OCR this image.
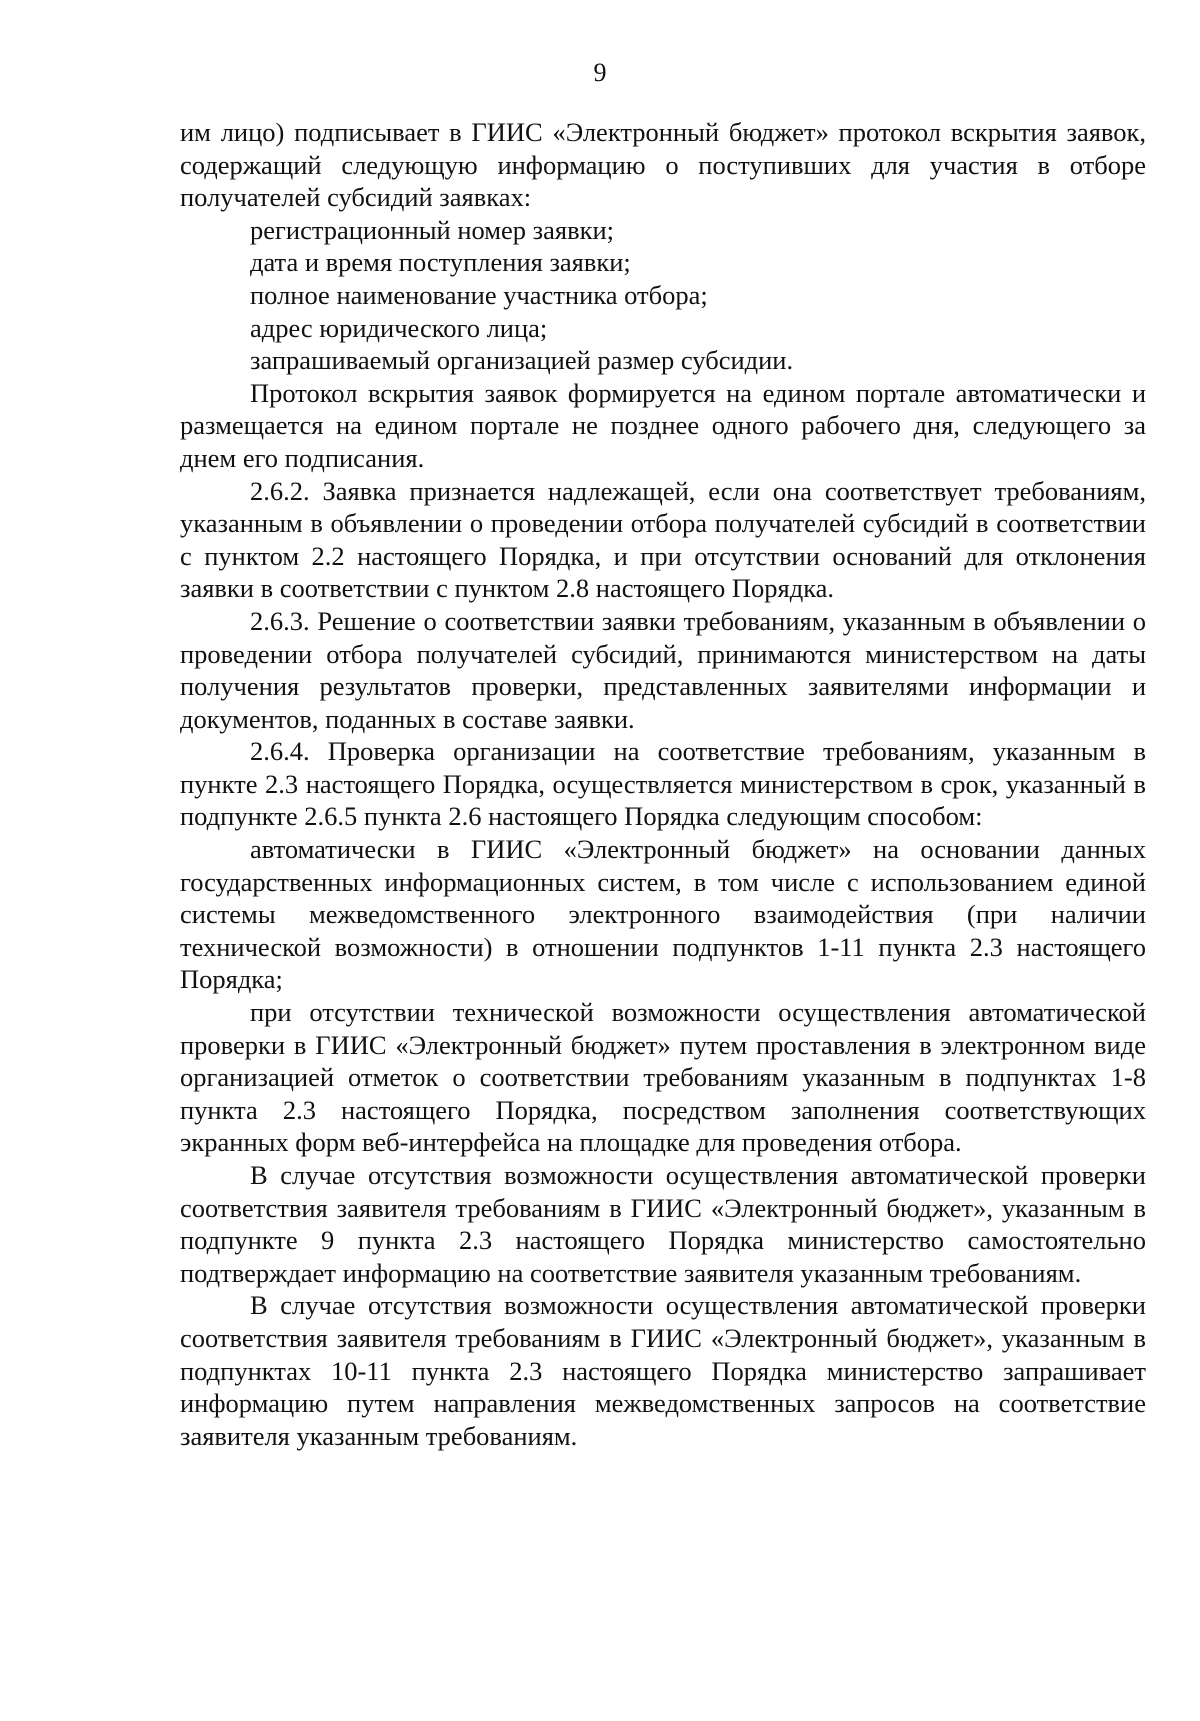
9

им лицо) подписывает в ГИИС «Электронный бюджет» протокол вскрытия заявок, содержащий следующую информацию о поступивших для участия в отборе получателей субсидий заявках:

регистрационный номер заявки;

дата и время поступления заявки;

полное наименование участника отбора;

адрес юридического лица;

запрашиваемый организацией размер субсидии.

Протокол вскрытия заявок формируется на едином портале автоматически и размещается на едином портале не позднее одного рабочего дня, следующего за днем его подписания.

2.6.2. Заявка признается надлежащей, если она соответствует требованиям, указанным в объявлении о проведении отбора получателей субсидий в соответствии с пунктом 2.2 настоящего Порядка, и при отсутствии оснований для отклонения заявки в соответствии с пунктом 2.8 настоящего Порядка.

2.6.3. Решение о соответствии заявки требованиям, указанным в объявлении о проведении отбора получателей субсидий, принимаются министерством на даты получения результатов проверки, представленных заявителями информации и документов, поданных в составе заявки.

2.6.4. Проверка организации на соответствие требованиям, указанным в пункте 2.3 настоящего Порядка, осуществляется министерством в срок, указанный в подпункте 2.6.5 пункта 2.6 настоящего Порядка следующим способом:

автоматически в ГИИС «Электронный бюджет» на основании данных государственных информационных систем, в том числе с использованием единой системы межведомственного электронного взаимодействия (при наличии технической возможности) в отношении подпунктов 1-11 пункта 2.3 настоящего Порядка;

при отсутствии технической возможности осуществления автоматической проверки в ГИИС «Электронный бюджет» путем проставления в электронном виде организацией отметок о соответствии требованиям указанным в подпунктах 1-8 пункта 2.3 настоящего Порядка, посредством заполнения соответствующих экранных форм веб-интерфейса на площадке для проведения отбора.

В случае отсутствия возможности осуществления автоматической проверки соответствия заявителя требованиям в ГИИС «Электронный бюджет», указанным в подпункте 9 пункта 2.3 настоящего Порядка министерство самостоятельно подтверждает информацию на соответствие заявителя указанным требованиям.

В случае отсутствия возможности осуществления автоматической проверки соответствия заявителя требованиям в ГИИС «Электронный бюджет», указанным в подпунктах 10-11 пункта 2.3 настоящего Порядка министерство запрашивает информацию путем направления межведомственных запросов на соответствие заявителя указанным требованиям.
